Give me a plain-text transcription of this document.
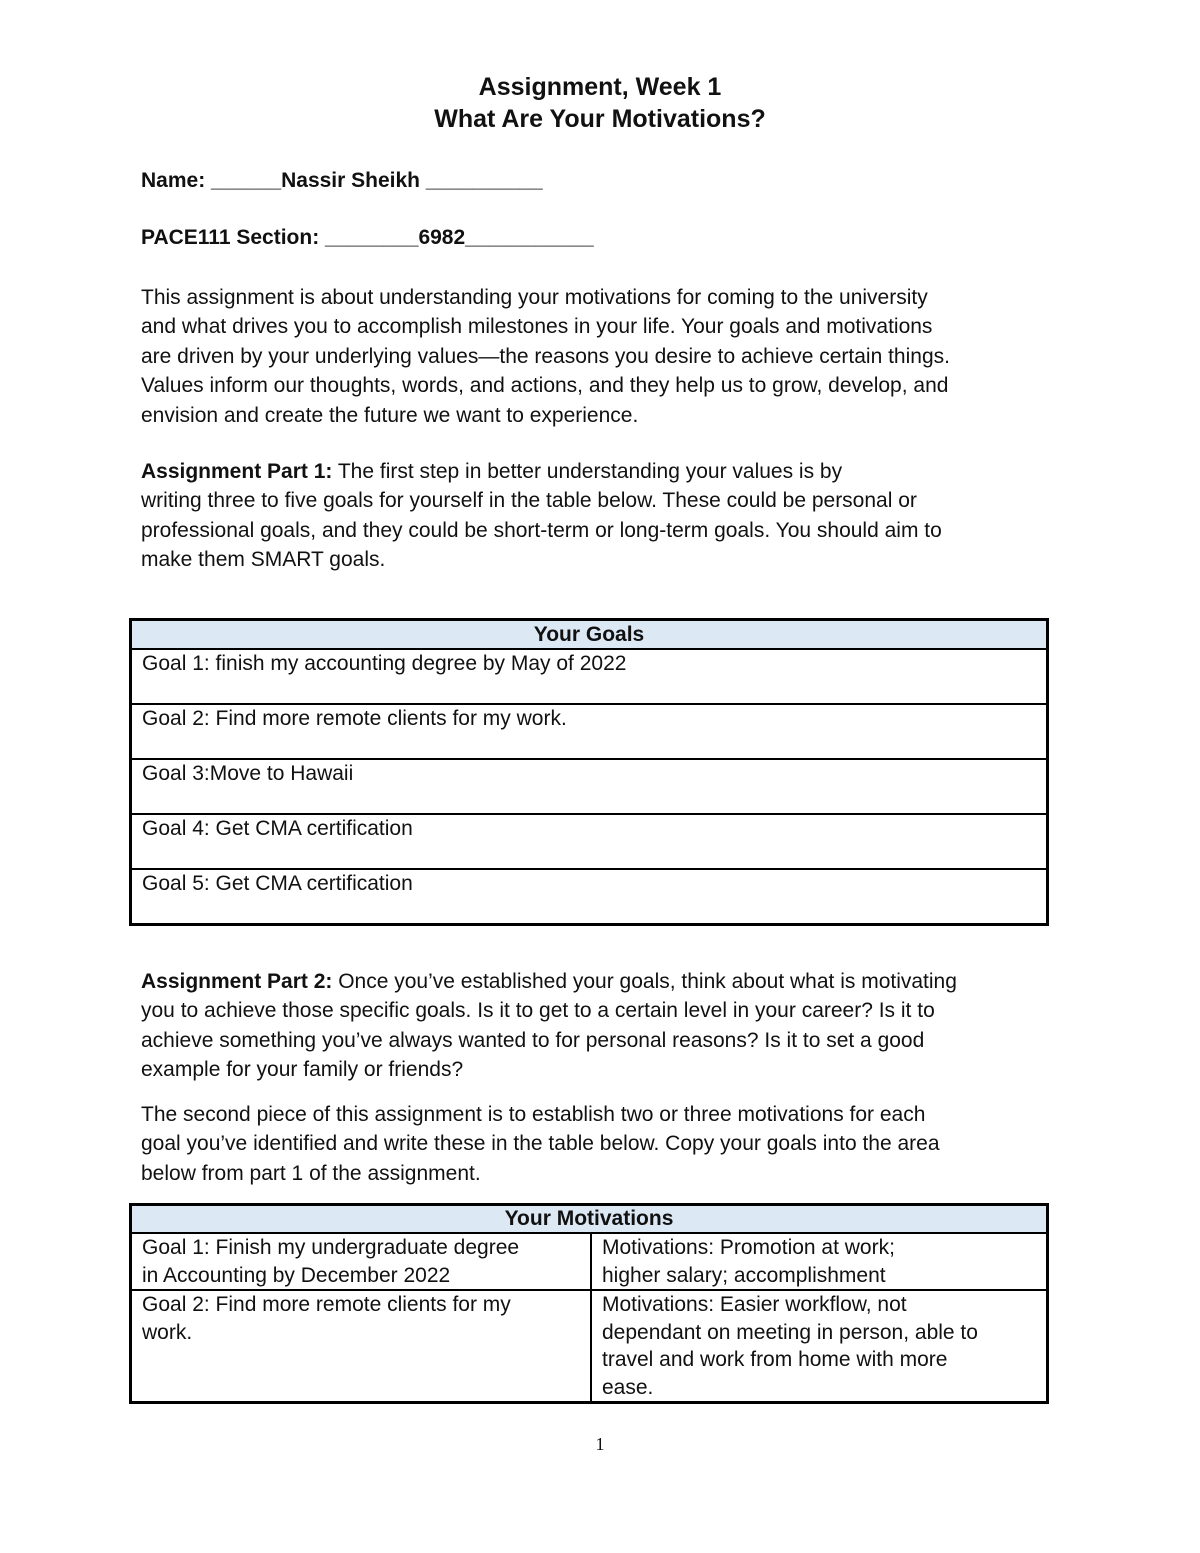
Assignment, Week 1
What Are Your Motivations?
Name: ______Nassir Sheikh __________
PACE111 Section: ________6982___________
This assignment is about understanding your motivations for coming to the university
and what drives you to accomplish milestones in your life. Your goals and motivations
are driven by your underlying values—the reasons you desire to achieve certain things.
Values inform our thoughts, words, and actions, and they help us to grow, develop, and
envision and create the future we want to experience.
Assignment Part 1: The first step in better understanding your values is by
writing three to five goals for yourself in the table below. These could be personal or
professional goals, and they could be short-term or long-term goals. You should aim to
make them SMART goals.
Your Goals
Goal 1: finish my accounting degree by May of 2022
Goal 2: Find more remote clients for my work.
Goal 3:Move to Hawaii
Goal 4: Get CMA certification
Goal 5: Get CMA certification
Assignment Part 2: Once you’ve established your goals, think about what is motivating
you to achieve those specific goals. Is it to get to a certain level in your career? Is it to
achieve something you’ve always wanted to for personal reasons? Is it to set a good
example for your family or friends?
The second piece of this assignment is to establish two or three motivations for each
goal you’ve identified and write these in the table below. Copy your goals into the area
below from part 1 of the assignment.
Your Motivations	

Goal 1: Finish my undergraduate degree
in Accounting by December 2022	Motivations: Promotion at work;
higher salary; accomplishment

Goal 2: Find more remote clients for my
work.	Motivations: Easier workflow, not
dependant on meeting in person, able to
travel and work from home with more
ease.
1
